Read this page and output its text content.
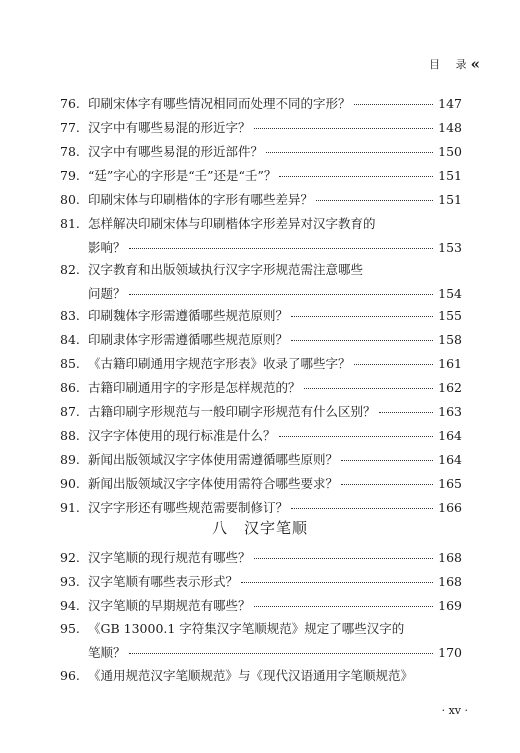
目 录
«
76. 印刷宋体字有哪些情况相同而处理不同的字形？	147
77. 汉字中有哪些易混的形近字？	148
78. 汉字中有哪些易混的形近部件？	150
79. “廷”字心的字形是“壬”还是“壬”？	151
80. 印刷宋体与印刷楷体的字形有哪些差异？	151
81. 怎样解决印刷宋体与印刷楷体字形差异对汉字教育的
影响？	153
82. 汉字教育和出版领域执行汉字字形规范需注意哪些
问题？	154
83. 印刷魏体字形需遵循哪些规范原则？	155
84. 印刷隶体字形需遵循哪些规范原则？	158
85. 《古籍印刷通用字规范字形表》收录了哪些字？	161
86. 古籍印刷通用字的字形是怎样规范的？	162
87. 古籍印刷字形规范与一般印刷字形规范有什么区别？	163
88. 汉字字体使用的现行标准是什么？	164
89. 新闻出版领域汉字字体使用需遵循哪些原则？	164
90. 新闻出版领域汉字字体使用需符合哪些要求？	165
91. 汉字字形还有哪些规范需要制修订？	166
92. 汉字笔顺的现行规范有哪些？	168
93. 汉字笔顺有哪些表示形式？	168
94. 汉字笔顺的早期规范有哪些？	169
95. 《GB 13000.1 字符集汉字笔顺规范》规定了哪些汉字的
笔顺？	170
96. 《通用规范汉字笔顺规范》与《现代汉语通用字笔顺规范》
八　汉字笔顺
· xv ·
